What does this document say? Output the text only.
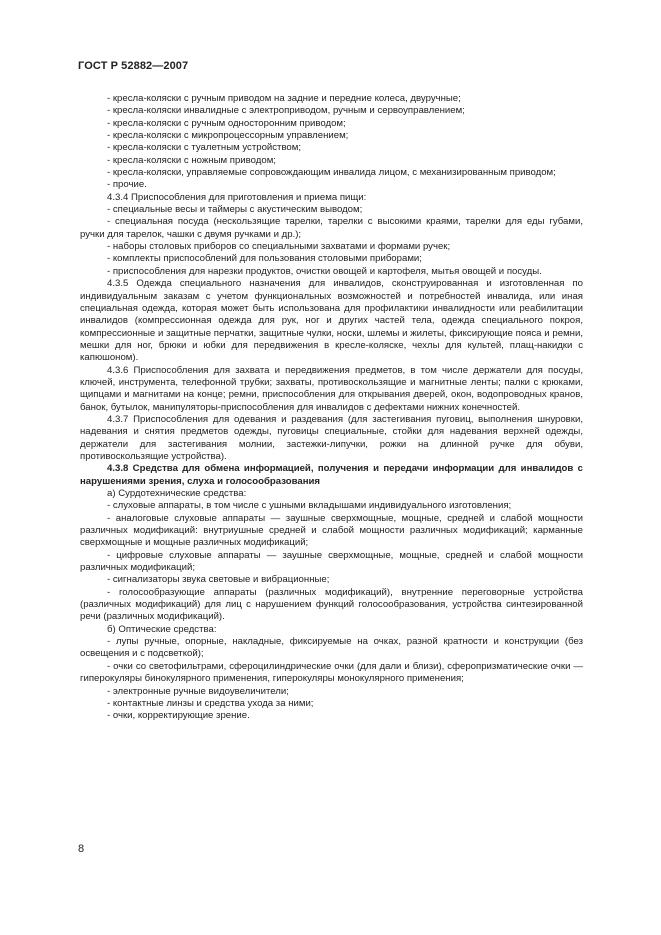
ГОСТ Р 52882—2007

- кресла-коляски с ручным приводом на задние и передние колеса, двуручные;

- кресла-коляски инвалидные с электроприводом, ручным и сервоуправлением;

- кресла-коляски с ручным односторонним приводом;

- кресла-коляски с микропроцессорным управлением;

- кресла-коляски с туалетным устройством;

- кресла-коляски с ножным приводом;

- кресла-коляски, управляемые сопровождающим инвалида лицом, с механизированным приводом;

- прочие.

4.3.4 Приспособления для приготовления и приема пищи:

- специальные весы и таймеры с акустическим выводом;

- специальная посуда (нескользящие тарелки, тарелки с высокими краями, тарелки для еды губами, ручки для тарелок, чашки с двумя ручками и др.);

- наборы столовых приборов со специальными захватами и формами ручек;

- комплекты приспособлений для пользования столовыми приборами;

- приспособления для нарезки продуктов, очистки овощей и картофеля, мытья овощей и посуды.

4.3.5 Одежда специального назначения для инвалидов, сконструированная и изготовленная по индивидуальным заказам с учетом функциональных возможностей и потребностей инвалида, или иная специальная одежда, которая может быть использована для профилактики инвалидности или реабилитации инвалидов (компрессионная одежда для рук, ног и других частей тела, одежда специального покроя, компрессионные и защитные перчатки, защитные чулки, носки, шлемы и жилеты, фиксирующие пояса и ремни, мешки для ног, брюки и юбки для передвижения в кресле-коляске, чехлы для культей, плащ-накидки с капюшоном).

4.3.6 Приспособления для захвата и передвижения предметов, в том числе держатели для посуды, ключей, инструмента, телефонной трубки; захваты, противоскользящие и магнитные ленты; палки с крюками, щипцами и магнитами на конце; ремни, приспособления для открывания дверей, окон, водопроводных кранов, банок, бутылок, манипуляторы-приспособления для инвалидов с дефектами нижних конечностей.

4.3.7 Приспособления для одевания и раздевания (для застегивания пуговиц, выполнения шнуровки, надевания и снятия предметов одежды, пуговицы специальные, стойки для надевания верхней одежды, держатели для застегивания молнии, застежки-липучки, рожки на длинной ручке для обуви, противоскользящие устройства).

4.3.8 Средства для обмена информацией, получения и передачи информации для инвалидов с нарушениями зрения, слуха и голосообразования

а) Сурдотехнические средства:

- слуховые аппараты, в том числе с ушными вкладышами индивидуального изготовления;

- аналоговые слуховые аппараты — заушные сверхмощные, мощные, средней и слабой мощности различных модификаций: внутриушные средней и слабой мощности различных модификаций; карманные сверхмощные и мощные различных модификаций;

- цифровые слуховые аппараты — заушные сверхмощные, мощные, средней и слабой мощности различных модификаций;

- сигнализаторы звука световые и вибрационные;

- голосообразующие аппараты (различных модификаций), внутренние переговорные устройства (различных модификаций) для лиц с нарушением функций голосообразования, устройства синтезированной речи (различных модификаций).

б) Оптические средства:

- лупы ручные, опорные, накладные, фиксируемые на очках, разной кратности и конструкции (без освещения и с подсветкой);

- очки со светофильтрами, сфероцилиндрические очки (для дали и близи), сферопризматические очки — гиперокуляры бинокулярного применения, гиперокуляры монокулярного применения;

- электронные ручные видоувеличители;

- контактные линзы и средства ухода за ними;

- очки, корректирующие зрение.

8
